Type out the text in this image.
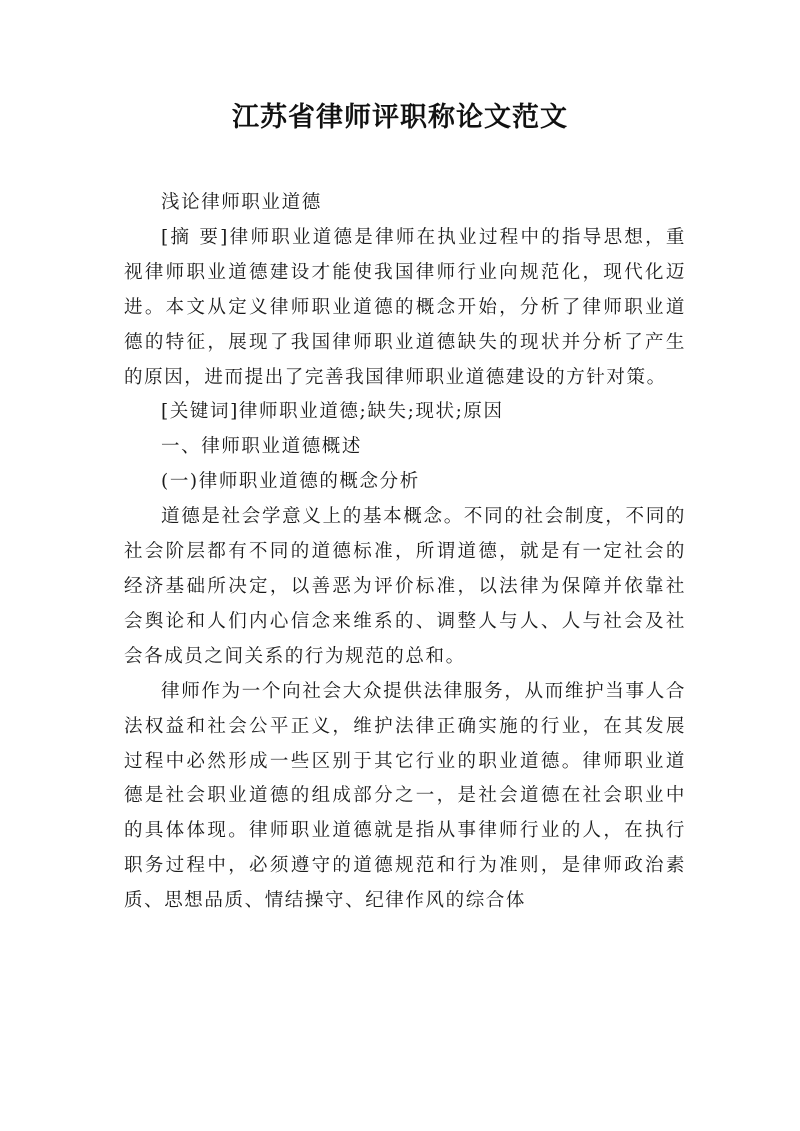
江苏省律师评职称论文范文

浅论律师职业道德

[摘 要]律师职业道德是律师在执业过程中的指导思想，重视律师职业道德建设才能使我国律师行业向规范化，现代化迈进。本文从定义律师职业道德的概念开始，分析了律师职业道德的特征，展现了我国律师职业道德缺失的现状并分析了产生的原因，进而提出了完善我国律师职业道德建设的方针对策。

[关键词]律师职业道德;缺失;现状;原因

一、律师职业道德概述

(一)律师职业道德的概念分析

道德是社会学意义上的基本概念。不同的社会制度，不同的社会阶层都有不同的道德标准，所谓道德，就是有一定社会的经济基础所决定，以善恶为评价标准，以法律为保障并依靠社会舆论和人们内心信念来维系的、调整人与人、人与社会及社会各成员之间关系的行为规范的总和。

律师作为一个向社会大众提供法律服务，从而维护当事人合法权益和社会公平正义，维护法律正确实施的行业，在其发展过程中必然形成一些区别于其它行业的职业道德。律师职业道德是社会职业道德的组成部分之一，是社会道德在社会职业中的具体体现。律师职业道德就是指从事律师行业的人，在执行职务过程中，必须遵守的道德规范和行为准则，是律师政治素质、思想品质、情结操守、纪律作风的综合体
